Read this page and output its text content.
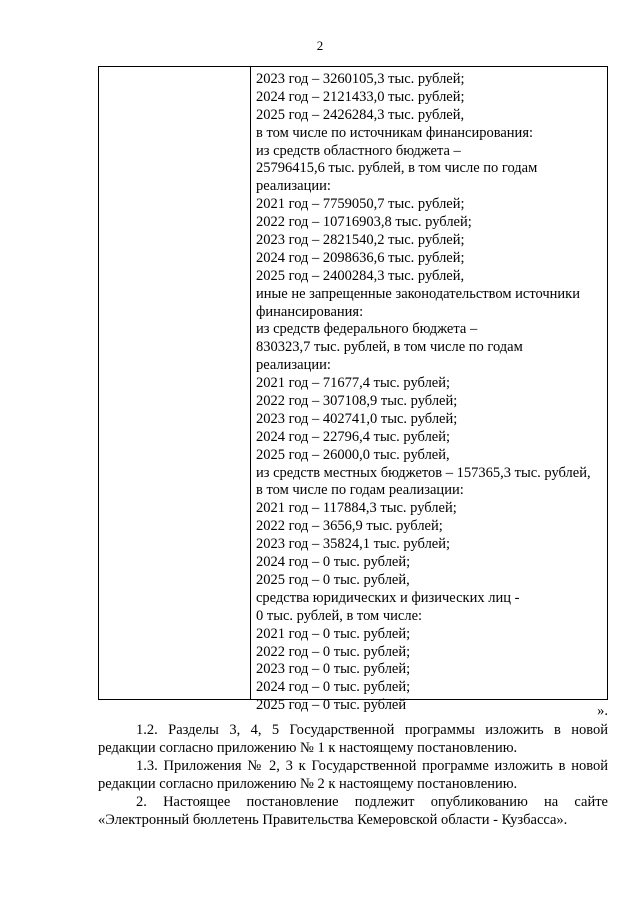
2
2023 год – 3260105,3 тыс. рублей;
2024 год – 2121433,0 тыс. рублей;
2025 год – 2426284,3 тыс. рублей,
в том числе по источникам финансирования:
из средств областного бюджета –
25796415,6 тыс. рублей, в том числе по годам
реализации:
2021 год – 7759050,7 тыс. рублей;
2022 год – 10716903,8 тыс. рублей;
2023 год – 2821540,2 тыс. рублей;
2024 год – 2098636,6 тыс. рублей;
2025 год – 2400284,3 тыс. рублей,
иные не запрещенные законодательством источники
финансирования:
из средств федерального бюджета –
830323,7 тыс. рублей, в том числе по годам
реализации:
2021 год – 71677,4 тыс. рублей;
2022 год – 307108,9 тыс. рублей;
2023 год – 402741,0 тыс. рублей;
2024 год – 22796,4 тыс. рублей;
2025 год – 26000,0 тыс. рублей,
из средств местных бюджетов – 157365,3 тыс. рублей,
в том числе по годам реализации:
2021 год – 117884,3 тыс. рублей;
2022 год – 3656,9 тыс. рублей;
2023 год – 35824,1 тыс. рублей;
2024 год – 0 тыс. рублей;
2025 год – 0 тыс. рублей,
средства юридических и физических лиц -
0 тыс. рублей, в том числе:
2021 год – 0 тыс. рублей;
2022 год – 0 тыс. рублей;
2023 год – 0 тыс. рублей;
2024 год – 0 тыс. рублей;
2025 год – 0 тыс. рублей	».

1.2. Разделы 3, 4, 5 Государственной программы изложить в новой редакции согласно приложению № 1 к настоящему постановлению.

1.3. Приложения № 2, 3 к Государственной программе изложить в новой редакции согласно приложению № 2 к настоящему постановлению.

2. Настоящее постановление подлежит опубликованию на сайте «Электронный бюллетень Правительства Кемеровской области - Кузбасса».
